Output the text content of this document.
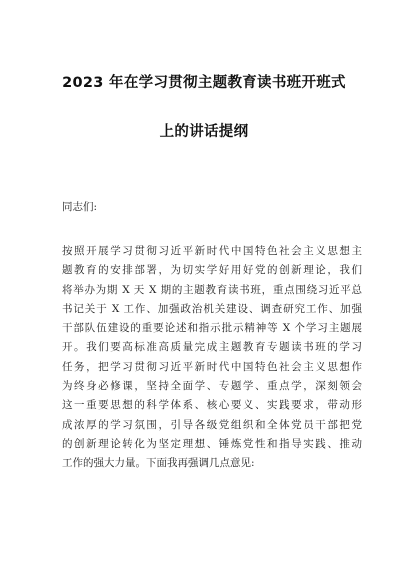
2023 年在学习贯彻主题教育读书班开班式
上的讲话提纲
同志们:
按照开展学习贯彻习近平新时代中国特色社会主义思想主
题教育的安排部署，为切实学好用好党的创新理论，我们
将举办为期 X 天 X 期的主题教育读书班，重点围绕习近平总
书记关于 X 工作、加强政治机关建设、调查研究工作、加强
干部队伍建设的重要论述和指示批示精神等 X 个学习主题展
开。我们要高标准高质量完成主题教育专题读书班的学习
任务，把学习贯彻习近平新时代中国特色社会主义思想作
为终身必修课，坚持全面学、专题学、重点学，深刻领会
这一重要思想的科学体系、核心要义、实践要求，带动形
成浓厚的学习氛围，引导各级党组织和全体党员干部把党
的创新理论转化为坚定理想、锤炼党性和指导实践、推动
工作的强大力量。下面我再强调几点意见:
